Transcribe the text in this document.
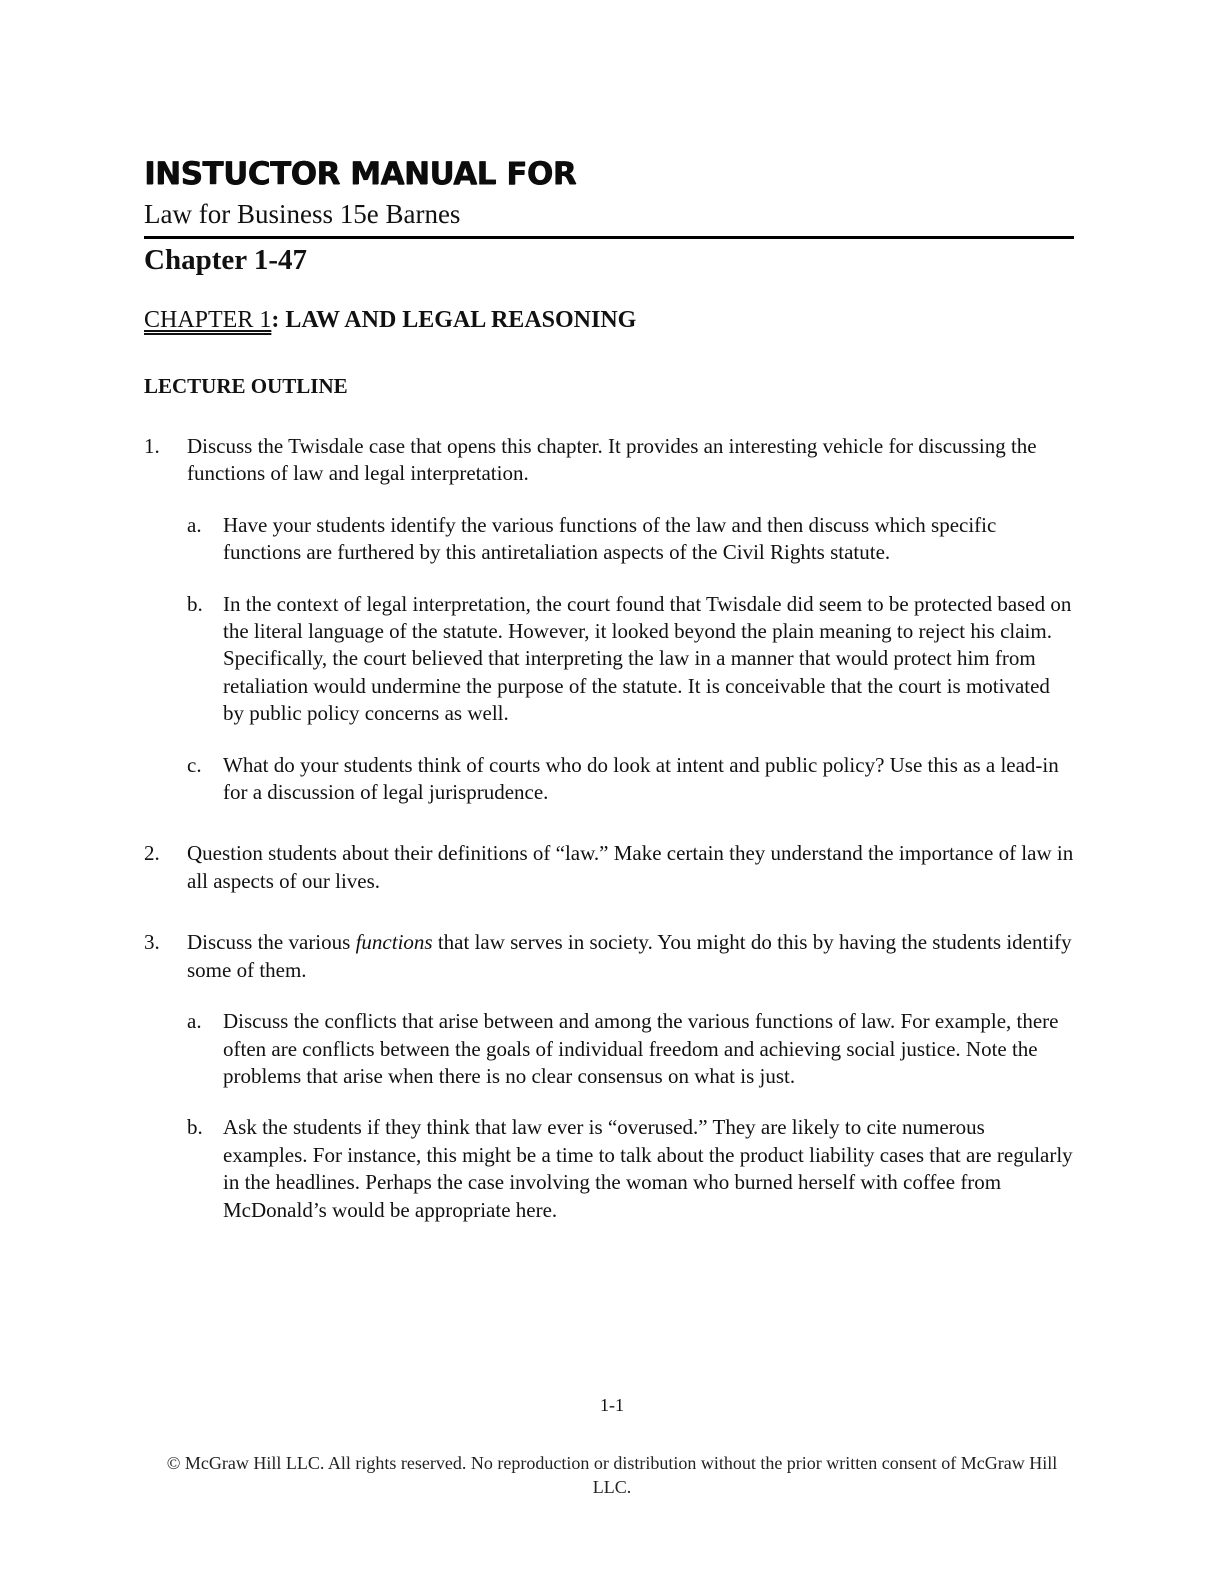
INSTUCTOR MANUAL FOR
Law for Business 15e Barnes
Chapter 1-47
CHAPTER 1: LAW AND LEGAL REASONING
LECTURE OUTLINE
1. Discuss the Twisdale case that opens this chapter. It provides an interesting vehicle for discussing the functions of law and legal interpretation.
a. Have your students identify the various functions of the law and then discuss which specific functions are furthered by this antiretaliation aspects of the Civil Rights statute.
b. In the context of legal interpretation, the court found that Twisdale did seem to be protected based on the literal language of the statute. However, it looked beyond the plain meaning to reject his claim. Specifically, the court believed that interpreting the law in a manner that would protect him from retaliation would undermine the purpose of the statute. It is conceivable that the court is motivated by public policy concerns as well.
c. What do your students think of courts who do look at intent and public policy? Use this as a lead-in for a discussion of legal jurisprudence.
2. Question students about their definitions of “law.” Make certain they understand the importance of law in all aspects of our lives.
3. Discuss the various functions that law serves in society. You might do this by having the students identify some of them.
a. Discuss the conflicts that arise between and among the various functions of law. For example, there often are conflicts between the goals of individual freedom and achieving social justice. Note the problems that arise when there is no clear consensus on what is just.
b. Ask the students if they think that law ever is “overused.” They are likely to cite numerous examples. For instance, this might be a time to talk about the product liability cases that are regularly in the headlines. Perhaps the case involving the woman who burned herself with coffee from McDonald’s would be appropriate here.
1-1
© McGraw Hill LLC. All rights reserved. No reproduction or distribution without the prior written consent of McGraw Hill LLC.
